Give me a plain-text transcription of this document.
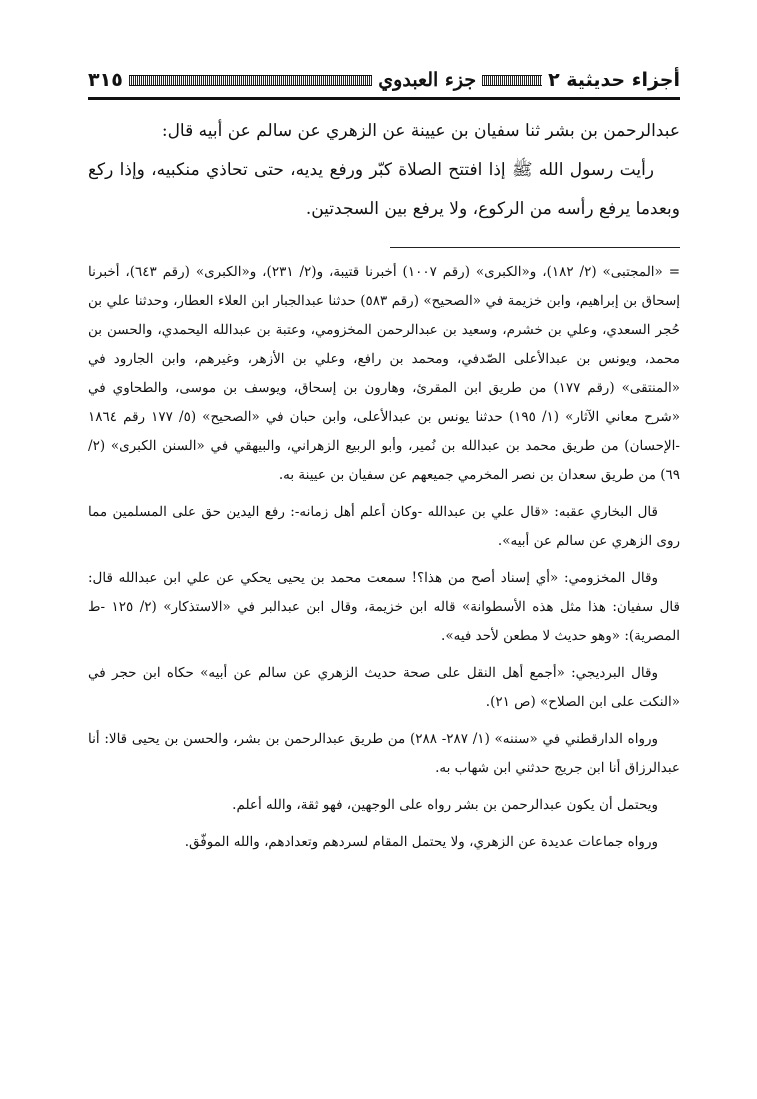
أجزاء حديثية ٢
جزء العبدوي
٣١٥

عبدالرحمن بن بشر ثنا سفيان بن عيينة عن الزهري عن سالم عن أبيه قال:

رأيت رسول الله ﷺ إذا افتتح الصلاة كبّر ورفع يديه، حتى تحاذي منكبيه، وإذا ركع وبعدما يرفع رأسه من الركوع، ولا يرفع بين السجدتين.

= «المجتبى» (٢/ ١٨٢)، و«الكبرى» (رقم ١٠٠٧) أخبرنا قتيبة، و(٢/ ٢٣١)، و«الكبرى» (رقم ٦٤٣)، أخبرنا إسحاق بن إبراهيم، وابن خزيمة في «الصحيح» (رقم ٥٨٣) حدثنا عبدالجبار ابن العلاء العطار، وحدثنا علي بن حُجر السعدي، وعلي بن خشرم، وسعيد بن عبدالرحمن المخزومي، وعتبة بن عبدالله اليحمدي، والحسن بن محمد، ويونس بن عبدالأعلى الصّدفي، ومحمد بن رافع، وعلي بن الأزهر، وغيرهم، وابن الجارود في «المنتقى» (رقم ١٧٧) من طريق ابن المقرئ، وهارون بن إسحاق، ويوسف بن موسى، والطحاوي في «شرح معاني الآثار» (١/ ١٩٥) حدثنا يونس بن عبدالأعلى، وابن حبان في «الصحيح» (٥/ ١٧٧ رقم ١٨٦٤ -الإحسان) من طريق محمد بن عبدالله بن نُمير، وأبو الربيع الزهراني، والبيهقي في «السنن الكبرى» (٢/ ٦٩) من طريق سعدان بن نصر المخرمي جميعهم عن سفيان بن عيينة به.

قال البخاري عقبه: «قال علي بن عبدالله -وكان أعلم أهل زمانه-: رفع اليدين حق على المسلمين مما روى الزهري عن سالم عن أبيه».

وقال المخزومي: «أي إسناد أصح من هذا؟! سمعت محمد بن يحيى يحكي عن علي ابن عبدالله قال: قال سفيان: هذا مثل هذه الأسطوانة» قاله ابن خزيمة، وقال ابن عبدالبر في «الاستذكار» (٢/ ١٢٥ -ط المصرية): «وهو حديث لا مطعن لأحد فيه».

وقال البرديجي: «أجمع أهل النقل على صحة حديث الزهري عن سالم عن أبيه» حكاه ابن حجر في «النكت على ابن الصلاح» (ص ٢١).

ورواه الدارقطني في «سننه» (١/ ٢٨٧- ٢٨٨) من طريق عبدالرحمن بن بشر، والحسن بن يحيى قالا: أنا عبدالرزاق أنا ابن جريج حدثني ابن شهاب به.

ويحتمل أن يكون عبدالرحمن بن بشر رواه على الوجهين، فهو ثقة، والله أعلم.

ورواه جماعات عديدة عن الزهري، ولا يحتمل المقام لسردهم وتعدادهم، والله الموفّق.
